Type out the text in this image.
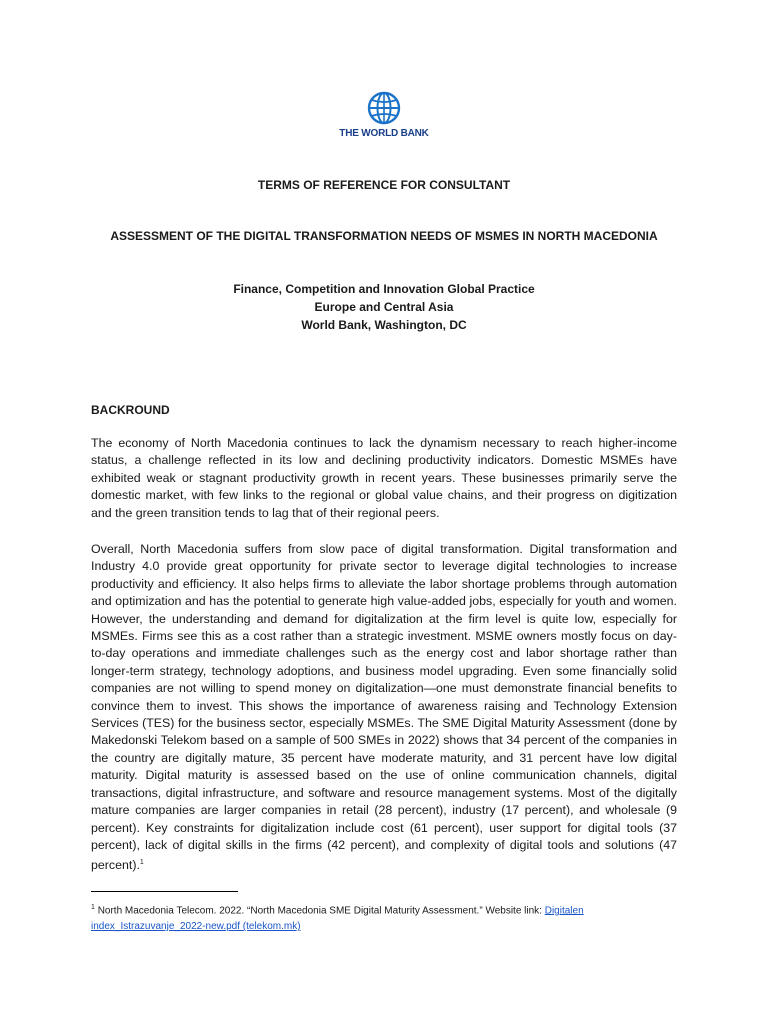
THE WORLD BANK
TERMS OF REFERENCE FOR CONSULTANT
ASSESSMENT OF THE DIGITAL TRANSFORMATION NEEDS OF MSMES IN NORTH MACEDONIA
Finance, Competition and Innovation Global Practice
Europe and Central Asia
World Bank, Washington, DC
BACKROUND

The economy of North Macedonia continues to lack the dynamism necessary to reach higher-income status, a challenge reflected in its low and declining productivity indicators. Domestic MSMEs have exhibited weak or stagnant productivity growth in recent years. These businesses primarily serve the domestic market, with few links to the regional or global value chains, and their progress on digitization and the green transition tends to lag that of their regional peers.

Overall, North Macedonia suffers from slow pace of digital transformation. Digital transformation and Industry 4.0 provide great opportunity for private sector to leverage digital technologies to increase productivity and efficiency. It also helps firms to alleviate the labor shortage problems through automation and optimization and has the potential to generate high value-added jobs, especially for youth and women. However, the understanding and demand for digitalization at the firm level is quite low, especially for MSMEs. Firms see this as a cost rather than a strategic investment. MSME owners mostly focus on day-to-day operations and immediate challenges such as the energy cost and labor shortage rather than longer-term strategy, technology adoptions, and business model upgrading. Even some financially solid companies are not willing to spend money on digitalization—one must demonstrate financial benefits to convince them to invest. This shows the importance of awareness raising and Technology Extension Services (TES) for the business sector, especially MSMEs. The SME Digital Maturity Assessment (done by Makedonski Telekom based on a sample of 500 SMEs in 2022) shows that 34 percent of the companies in the country are digitally mature, 35 percent have moderate maturity, and 31 percent have low digital maturity. Digital maturity is assessed based on the use of online communication channels, digital transactions, digital infrastructure, and software and resource management systems. Most of the digitally mature companies are larger companies in retail (28 percent), industry (17 percent), and wholesale (9 percent). Key constraints for digitalization include cost (61 percent), user support for digital tools (37 percent), lack of digital skills in the firms (42 percent), and complexity of digital tools and solutions (47 percent).$^1$

$^1$ North Macedonia Telecom. 2022. “North Macedonia SME Digital Maturity Assessment.” Website link: Digitalen index_Istrazuvanje_2022-new.pdf (telekom.mk)
